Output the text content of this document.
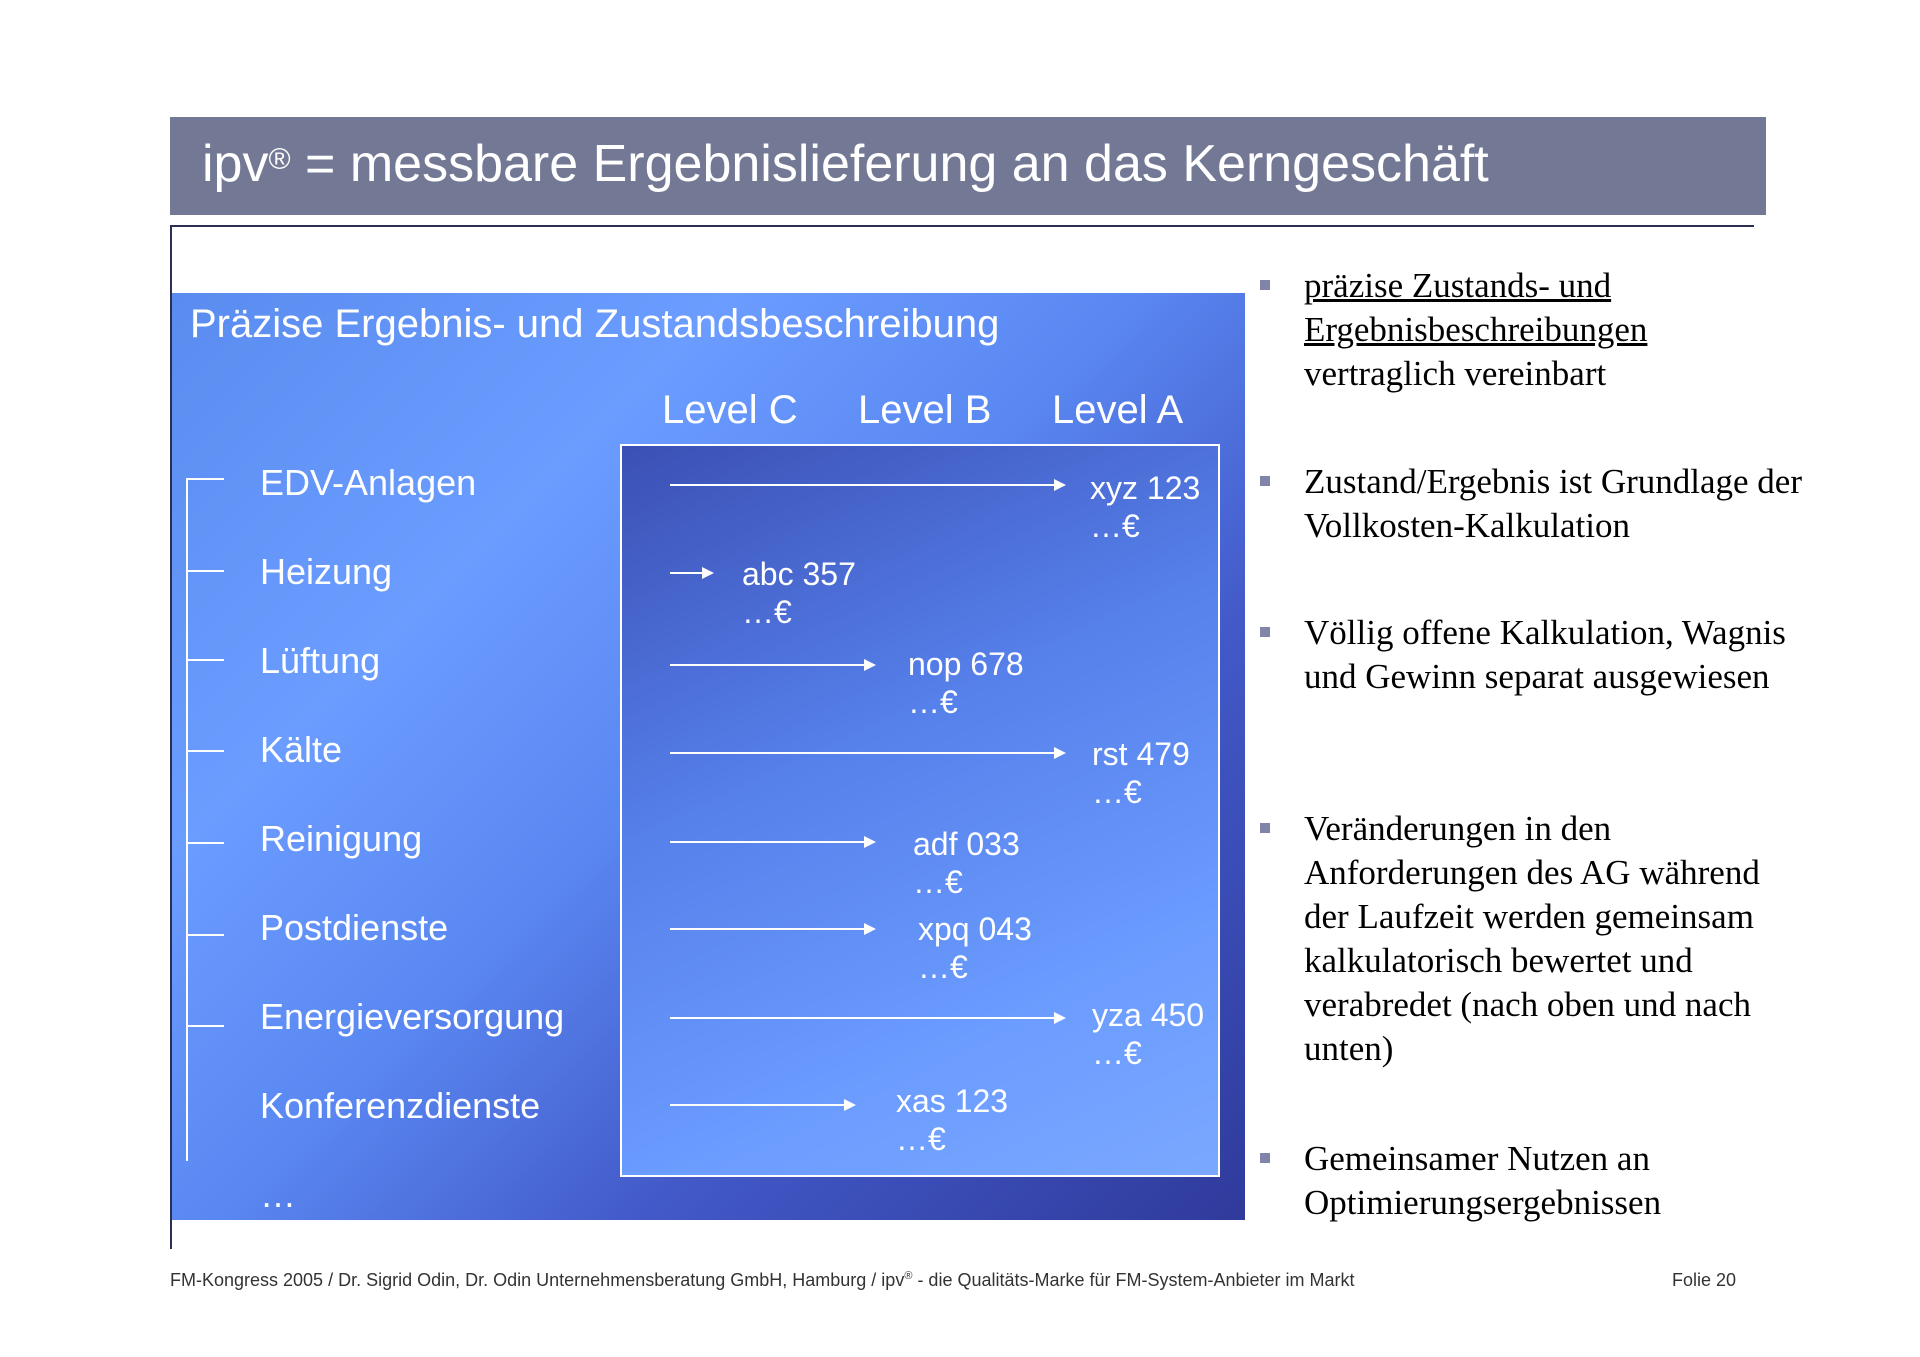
ipv® = messbare Ergebnislieferung an das Kerngeschäft
Präzise Ergebnis- und Zustandsbeschreibung
Level C Level B Level A
EDV-Anlagen
Heizung
Lüftung
Kälte
Reinigung
Postdienste
Energieversorgung
Konferenzdienste
…
xyz 123
…€
abc 357
…€
nop 678
…€
rst 479
…€
adf 033
…€
xpq 043
…€
yza 450
…€
xas 123
…€
präzise Zustands- und Ergebnisbeschreibungen
vertraglich vereinbart
Zustand/Ergebnis ist Grundlage der Vollkosten-Kalkulation
Völlig offene Kalkulation, Wagnis und Gewinn separat ausgewiesen
Veränderungen in den Anforderungen des AG während der Laufzeit werden gemeinsam kalkulatorisch bewertet und verabredet (nach oben und nach unten)
Gemeinsamer Nutzen an Optimierungsergebnissen
FM-Kongress 2005 / Dr. Sigrid Odin, Dr. Odin Unternehmensberatung GmbH, Hamburg / ipv® - die Qualitäts-Marke für FM-System-Anbieter im Markt	Folie 20
